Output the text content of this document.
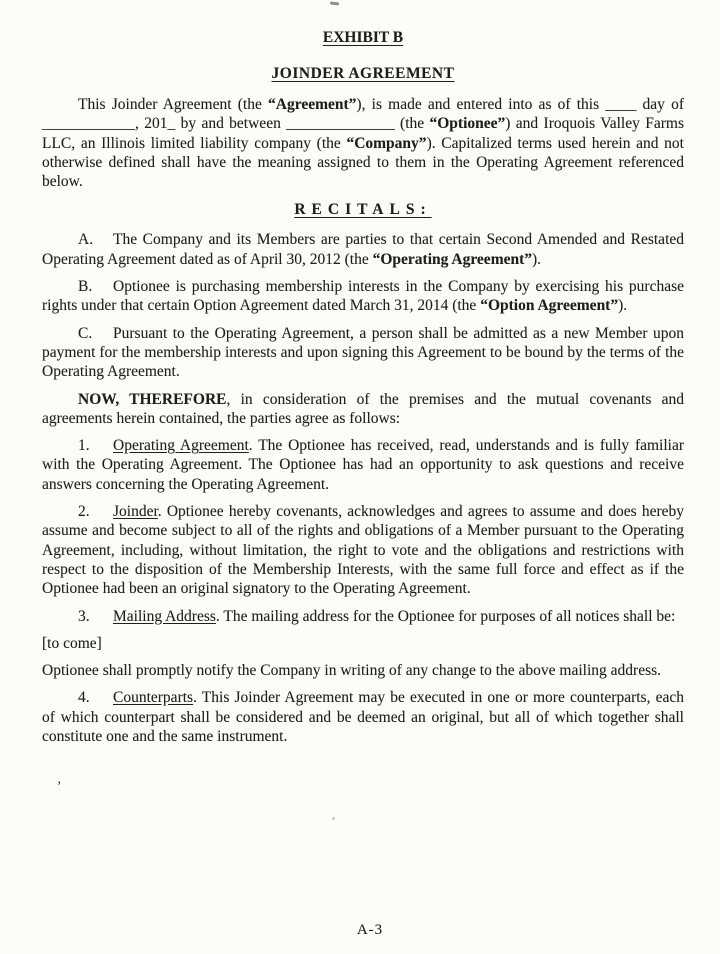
EXHIBIT B
JOINDER AGREEMENT

This Joinder Agreement (the “Agreement”), is made and entered into as of this ____ day of ____________, 201_ by and between ______________ (the “Optionee”) and Iroquois Valley Farms LLC, an Illinois limited liability company (the “Company”). Capitalized terms used herein and not otherwise defined shall have the meaning assigned to them in the Operating Agreement referenced below.

RECITALS:

A. The Company and its Members are parties to that certain Second Amended and Restated Operating Agreement dated as of April 30, 2012 (the “Operating Agreement”).

B. Optionee is purchasing membership interests in the Company by exercising his purchase rights under that certain Option Agreement dated March 31, 2014 (the “Option Agreement”).

C. Pursuant to the Operating Agreement, a person shall be admitted as a new Member upon payment for the membership interests and upon signing this Agreement to be bound by the terms of the Operating Agreement.

NOW, THEREFORE, in consideration of the premises and the mutual covenants and agreements herein contained, the parties agree as follows:

1. Operating Agreement. The Optionee has received, read, understands and is fully familiar with the Operating Agreement. The Optionee has had an opportunity to ask questions and receive answers concerning the Operating Agreement.

2. Joinder. Optionee hereby covenants, acknowledges and agrees to assume and does hereby assume and become subject to all of the rights and obligations of a Member pursuant to the Operating Agreement, including, without limitation, the right to vote and the obligations and restrictions with respect to the disposition of the Membership Interests, with the same full force and effect as if the Optionee had been an original signatory to the Operating Agreement.

3. Mailing Address. The mailing address for the Optionee for purposes of all notices shall be:

[to come]

Optionee shall promptly notify the Company in writing of any change to the above mailing address.

4. Counterparts. This Joinder Agreement may be executed in one or more counterparts, each of which counterpart shall be considered and be deemed an original, but all of which together shall constitute one and the same instrument.

’
A-3
